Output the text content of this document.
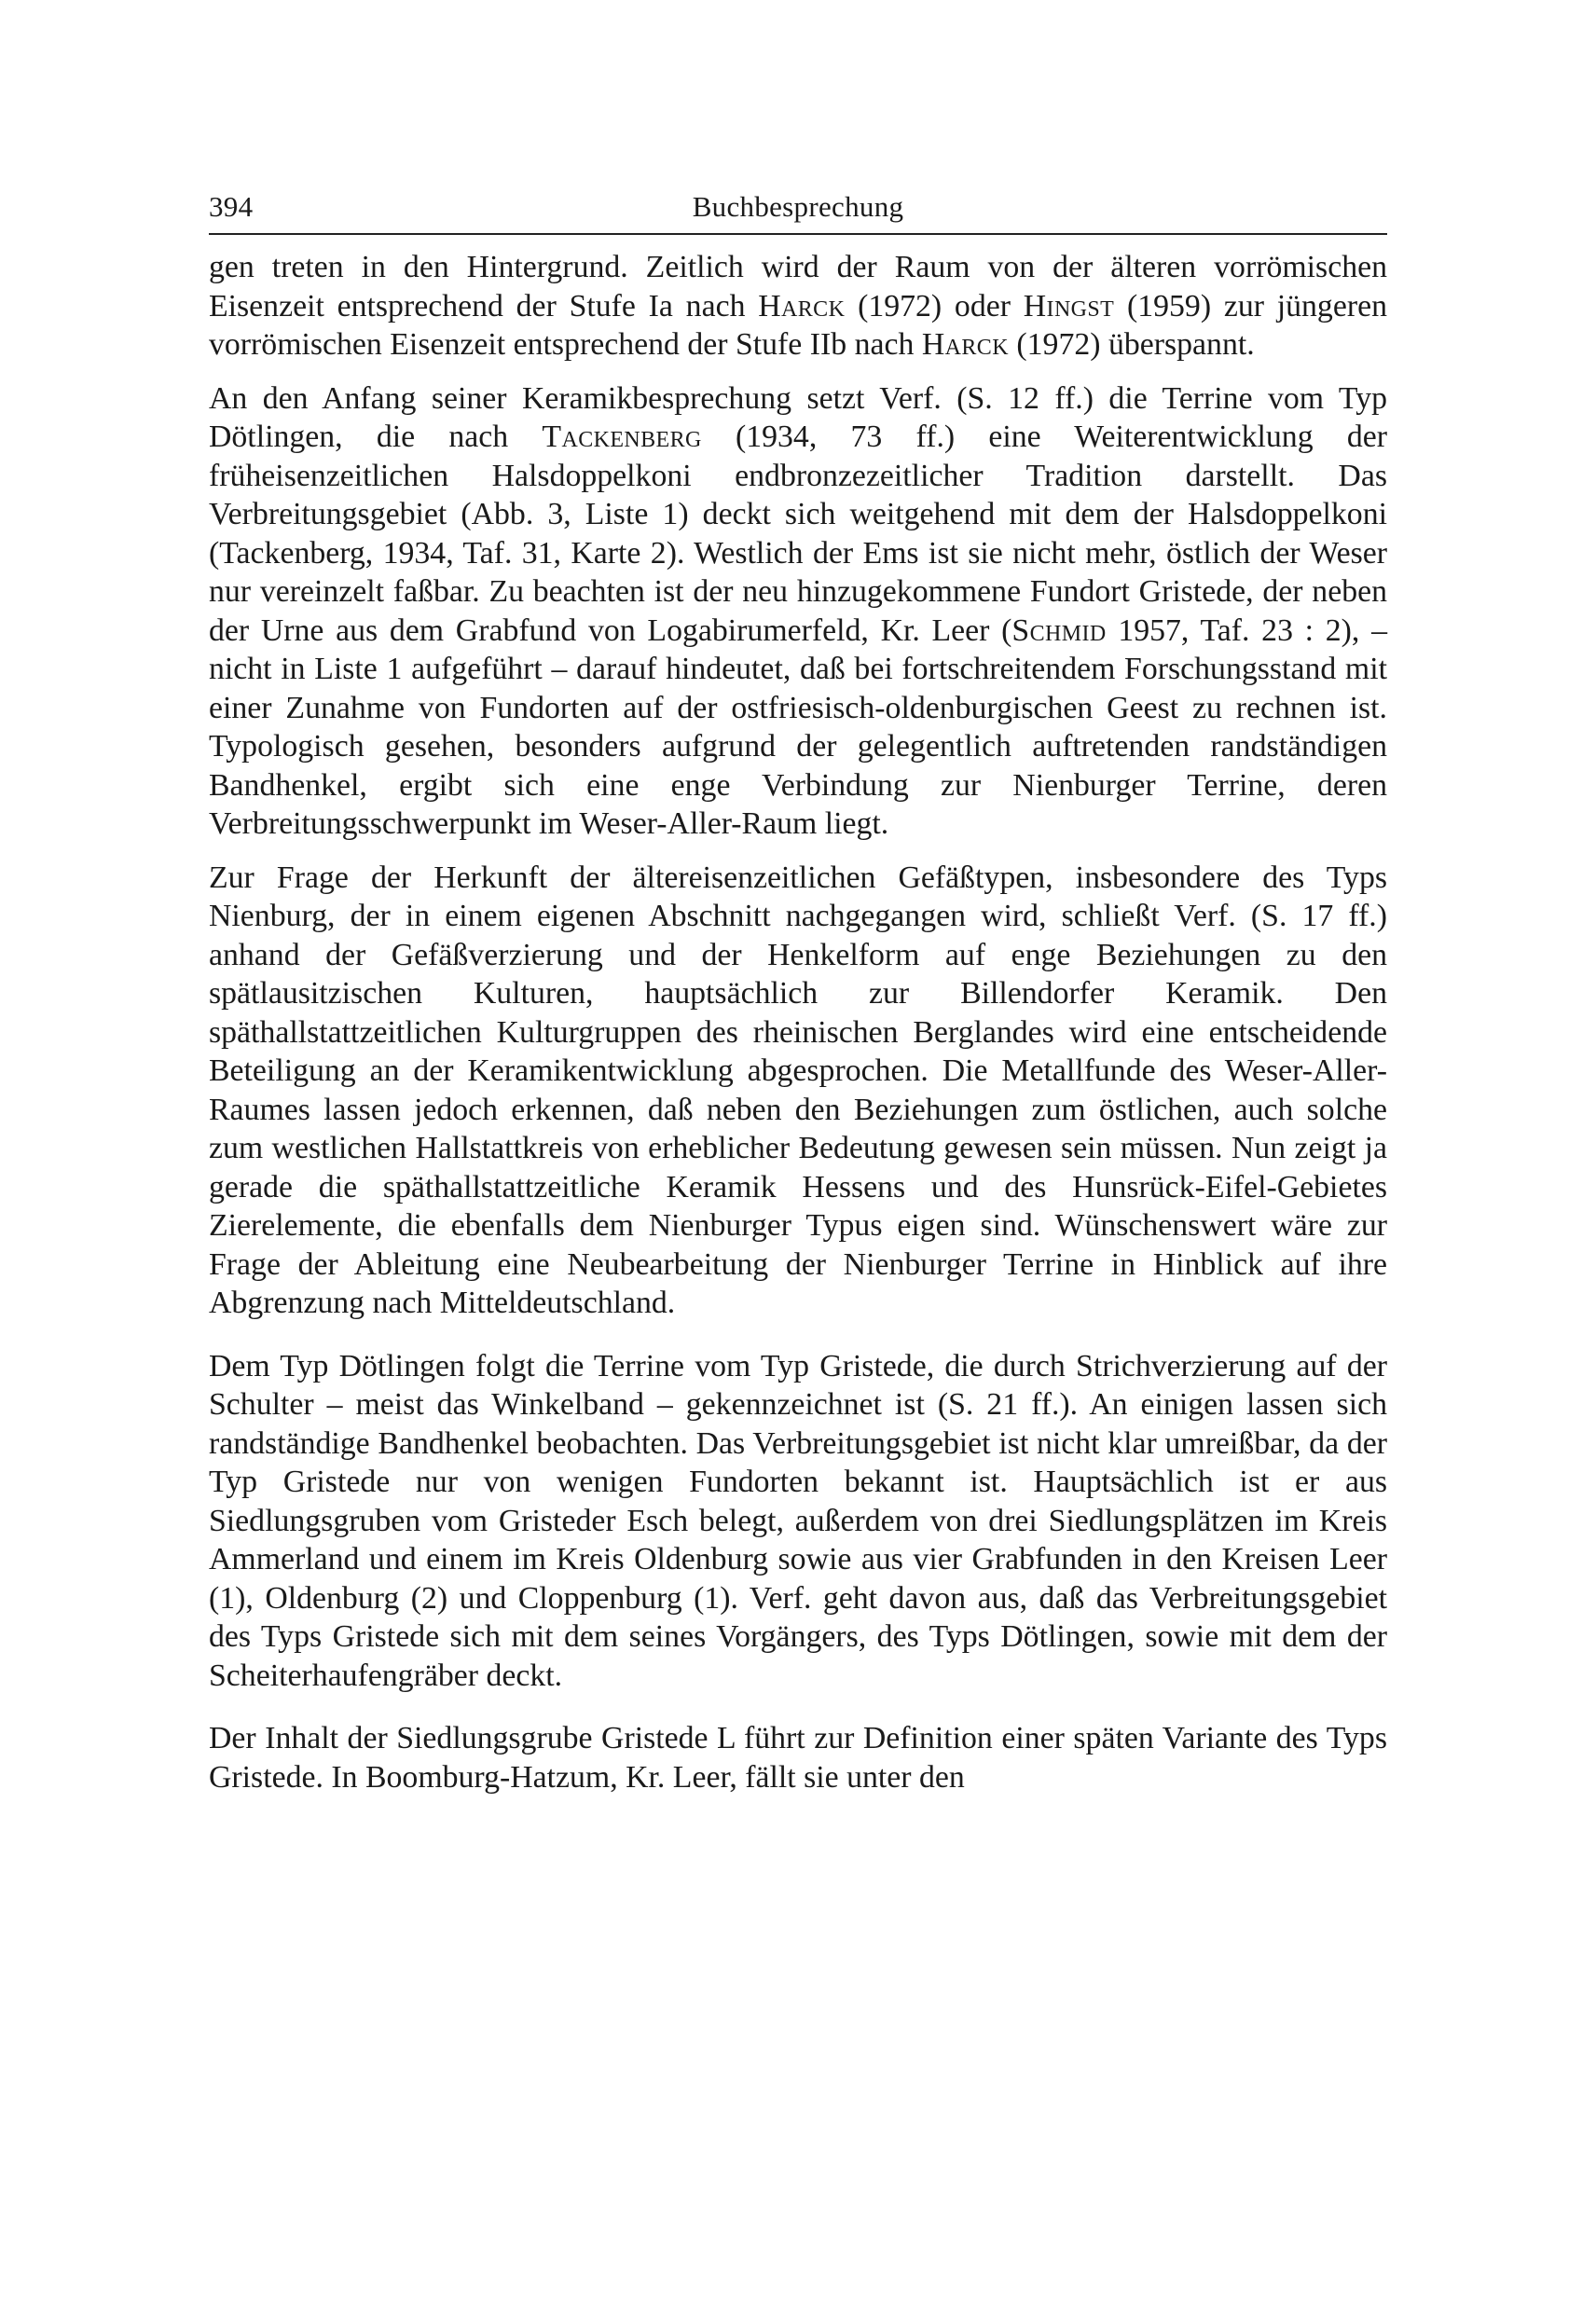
394	Buchbesprechung

gen treten in den Hintergrund. Zeitlich wird der Raum von der älteren vorrömischen Eisenzeit entsprechend der Stufe Ia nach Harck (1972) oder Hingst (1959) zur jüngeren vorrömischen Eisenzeit entsprechend der Stufe IIb nach Harck (1972) überspannt.

An den Anfang seiner Keramikbesprechung setzt Verf. (S. 12 ff.) die Terrine vom Typ Dötlingen, die nach Tackenberg (1934, 73 ff.) eine Weiterentwicklung der früheisenzeitlichen Halsdoppelkoni endbronzezeitlicher Tradition darstellt. Das Verbreitungsgebiet (Abb. 3, Liste 1) deckt sich weitgehend mit dem der Halsdoppelkoni (Tackenberg, 1934, Taf. 31, Karte 2). Westlich der Ems ist sie nicht mehr, östlich der Weser nur vereinzelt faßbar. Zu beachten ist der neu hinzugekommene Fundort Gristede, der neben der Urne aus dem Grabfund von Logabirumerfeld, Kr. Leer (Schmid 1957, Taf. 23 : 2), – nicht in Liste 1 aufgeführt – darauf hindeutet, daß bei fortschreitendem Forschungsstand mit einer Zunahme von Fundorten auf der ostfriesisch-oldenburgischen Geest zu rechnen ist. Typologisch gesehen, besonders aufgrund der gelegentlich auftretenden randständigen Bandhenkel, ergibt sich eine enge Verbindung zur Nienburger Terrine, deren Verbreitungsschwerpunkt im Weser-Aller-Raum liegt.

Zur Frage der Herkunft der ältereisenzeitlichen Gefäßtypen, insbesondere des Typs Nienburg, der in einem eigenen Abschnitt nachgegangen wird, schließt Verf. (S. 17 ff.) anhand der Gefäßverzierung und der Henkelform auf enge Beziehungen zu den spätlausitzischen Kulturen, hauptsächlich zur Billendorfer Keramik. Den späthallstattzeitlichen Kulturgruppen des rheinischen Berglandes wird eine entscheidende Beteiligung an der Keramikentwicklung abgesprochen. Die Metallfunde des Weser-Aller-Raumes lassen jedoch erkennen, daß neben den Beziehungen zum östlichen, auch solche zum westlichen Hallstattkreis von erheblicher Bedeutung gewesen sein müssen. Nun zeigt ja gerade die späthallstattzeitliche Keramik Hessens und des Hunsrück-Eifel-Gebietes Zierelemente, die ebenfalls dem Nienburger Typus eigen sind. Wünschenswert wäre zur Frage der Ableitung eine Neubearbeitung der Nienburger Terrine in Hinblick auf ihre Abgrenzung nach Mitteldeutschland.

Dem Typ Dötlingen folgt die Terrine vom Typ Gristede, die durch Strichverzierung auf der Schulter – meist das Winkelband – gekennzeichnet ist (S. 21 ff.). An einigen lassen sich randständige Bandhenkel beobachten. Das Verbreitungsgebiet ist nicht klar umreißbar, da der Typ Gristede nur von wenigen Fundorten bekannt ist. Hauptsächlich ist er aus Siedlungsgruben vom Gristeder Esch belegt, außerdem von drei Siedlungsplätzen im Kreis Ammerland und einem im Kreis Oldenburg sowie aus vier Grabfunden in den Kreisen Leer (1), Oldenburg (2) und Cloppenburg (1). Verf. geht davon aus, daß das Verbreitungsgebiet des Typs Gristede sich mit dem seines Vorgängers, des Typs Dötlingen, sowie mit dem der Scheiterhaufengräber deckt.

Der Inhalt der Siedlungsgrube Gristede L führt zur Definition einer späten Variante des Typs Gristede. In Boomburg-Hatzum, Kr. Leer, fällt sie unter den
